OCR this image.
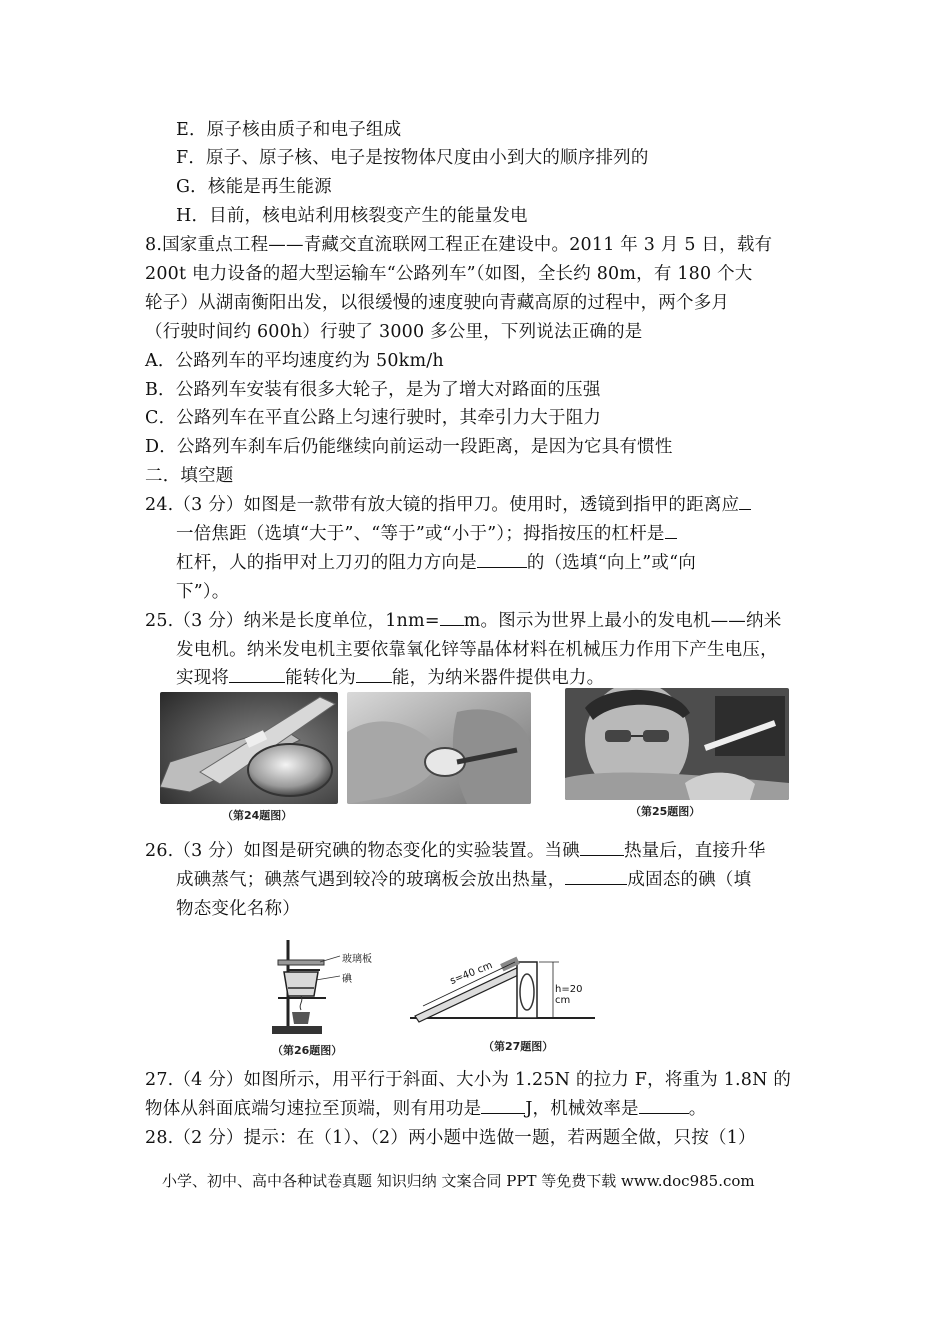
E．原子核由质子和电子组成
F．原子、原子核、电子是按物体尺度由小到大的顺序排列的
G．核能是再生能源
H．目前，核电站利用核裂变产生的能量发电
8.国家重点工程——青藏交直流联网工程正在建设中。2011 年 3 月 5 日，载有
200t 电力设备的超大型运输车“公路列车”（如图，全长约 80m，有 180 个大
轮子）从湖南衡阳出发，以很缓慢的速度驶向青藏高原的过程中，两个多月
（行驶时间约 600h）行驶了 3000 多公里，下列说法正确的是
A．公路列车的平均速度约为 50km/h
B．公路列车安装有很多大轮子，是为了增大对路面的压强
C．公路列车在平直公路上匀速行驶时，其牵引力大于阻力
D．公路列车刹车后仍能继续向前运动一段距离，是因为它具有惯性
二．填空题
24.（3 分）如图是一款带有放大镜的指甲刀。使用时，透镜到指甲的距离应
一倍焦距（选填“大于”、“等于”或“小于”）；拇指按压的杠杆是
杠杆，人的指甲对上刀刃的阻力方向是	的（选填“向上”或“向
下”）。
25.（3 分）纳米是长度单位，1nm= m。图示为世界上最小的发电机——纳米
发电机。纳米发电机主要依靠氧化锌等晶体材料在机械压力作用下产生电压，
实现将	能转化为 能，为纳米器件提供电力。
（第24题图）	（第25题图）
26.（3 分）如图是研究碘的物态变化的实验装置。当碘	热量后，直接升华
成碘蒸气；碘蒸气遇到较冷的玻璃板会放出热量，	成固态的碘（填
物态变化名称）
玻璃板
碘
（第26题图）
s=40 cm
h=20 cm
（第27题图）
27.（4 分）如图所示，用平行于斜面、大小为 1.25N 的拉力 F，将重为 1.8N 的
物体从斜面底端匀速拉至顶端，则有用功是	J，机械效率是	。
28.（2 分）提示：在（1）、（2）两小题中选做一题，若两题全做，只按（1）
小学、初中、高中各种试卷真题 知识归纳 文案合同 PPT 等免费下载 www.doc985.com
